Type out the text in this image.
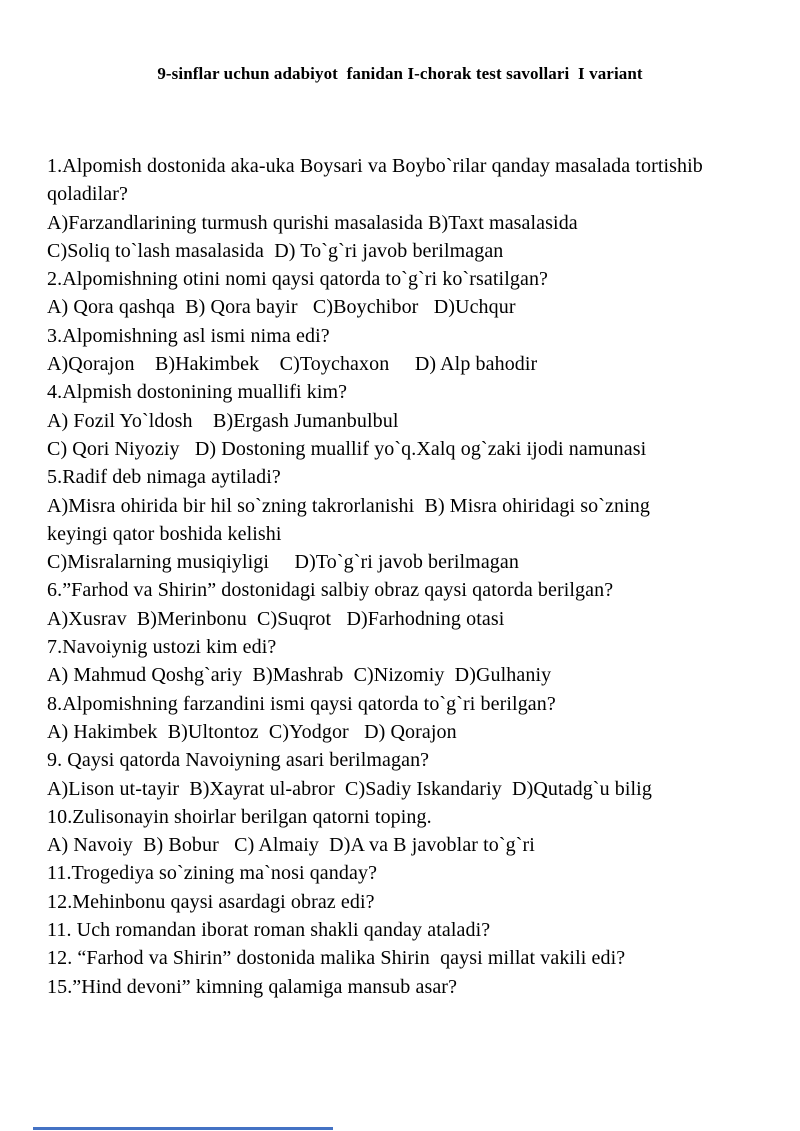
9-sinflar uchun adabiyot  fanidan I-chorak test savollari  I variant
1.Alpomish dostonida aka-uka Boysari va Boybo`rilar qanday masalada tortishib
qoladilar?
A)Farzandlarining turmush qurishi masalasida B)Taxt masalasida
C)Soliq to`lash masalasida  D) To`g`ri javob berilmagan
2.Alpomishning otini nomi qaysi qatorda to`g`ri ko`rsatilgan?
A) Qora qashqa  B) Qora bayir   C)Boychibor   D)Uchqur
3.Alpomishning asl ismi nima edi?
A)Qorajon    B)Hakimbek    C)Toychaxon     D) Alp bahodir
4.Alpmish dostonining muallifi kim?
A) Fozil Yo`ldosh    B)Ergash Jumanbulbul
C) Qori Niyoziy   D) Dostoning muallif yo`q.Xalq og`zaki ijodi namunasi
5.Radif deb nimaga aytiladi?
A)Misra ohirida bir hil so`zning takrorlanishi  B) Misra ohiridagi so`zning
keyingi qator boshida kelishi
C)Misralarning musiqiyligi     D)To`g`ri javob berilmagan
6.”Farhod va Shirin” dostonidagi salbiy obraz qaysi qatorda berilgan?
A)Xusrav  B)Merinbonu  C)Suqrot   D)Farhodning otasi
7.Navoiynig ustozi kim edi?
A) Mahmud Qoshg`ariy  B)Mashrab  C)Nizomiy  D)Gulhaniy
8.Alpomishning farzandini ismi qaysi qatorda to`g`ri berilgan?
A) Hakimbek  B)Ultontoz  C)Yodgor   D) Qorajon
9. Qaysi qatorda Navoiyning asari berilmagan?
A)Lison ut-tayir  B)Xayrat ul-abror  C)Sadiy Iskandariy  D)Qutadg`u bilig
10.Zulisonayin shoirlar berilgan qatorni toping.
A) Navoiy  B) Bobur   C) Almaiy  D)A va B javoblar to`g`ri
11.Trogediya so`zining ma`nosi qanday?
12.Mehinbonu qaysi asardagi obraz edi?
11. Uch romandan iborat roman shakli qanday ataladi?
12. “Farhod va Shirin” dostonida malika Shirin  qaysi millat vakili edi?
15.”Hind devoni” kimning qalamiga mansub asar?
